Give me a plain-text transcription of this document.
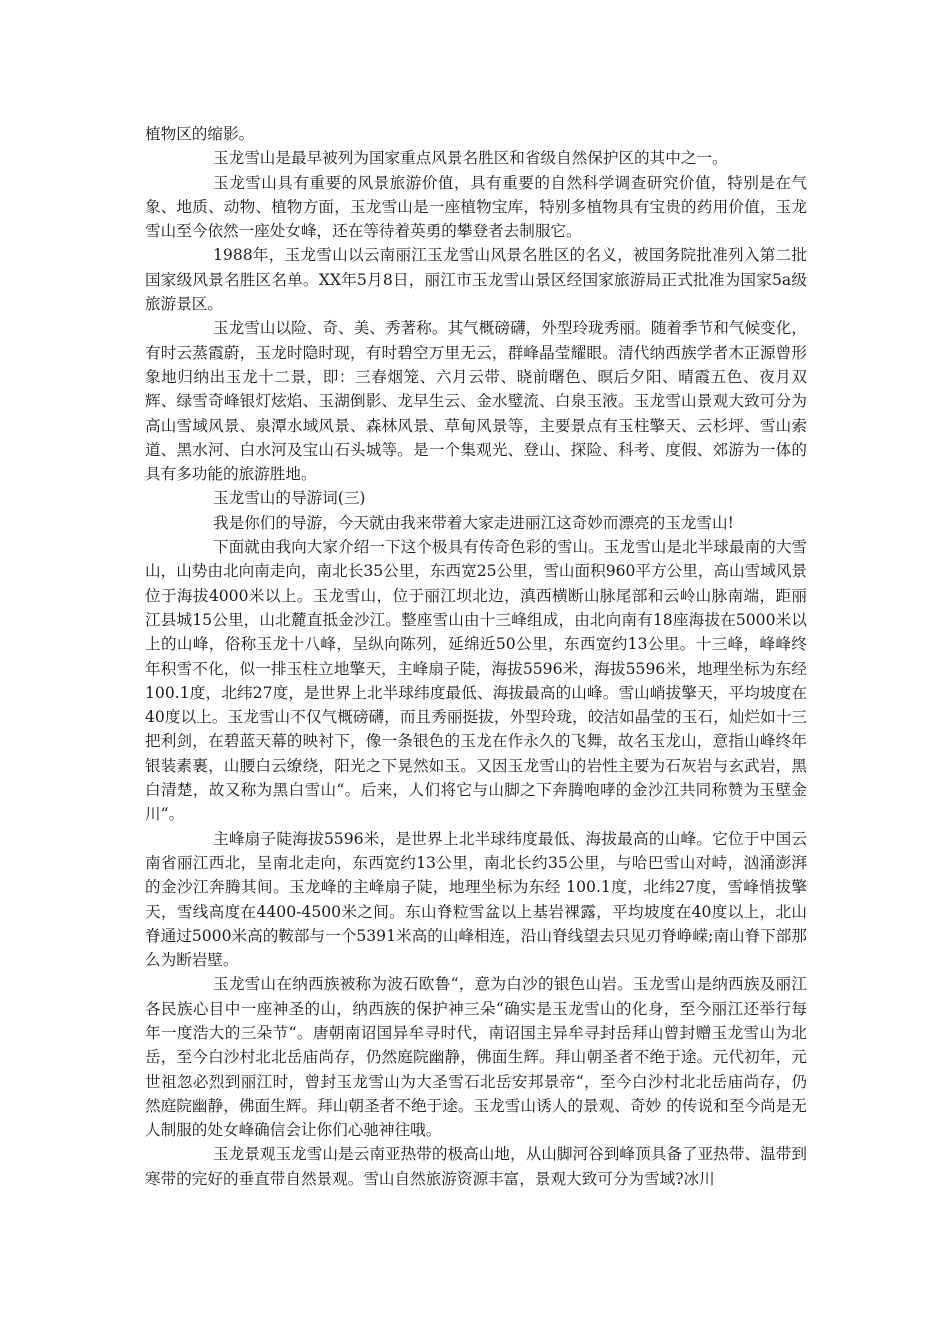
植物区的缩影。

玉龙雪山是最早被列为国家重点风景名胜区和省级自然保护区的其中之一。

玉龙雪山具有重要的风景旅游价值，具有重要的自然科学调查研究价值，特别是在气象、地质、动物、植物方面，玉龙雪山是一座植物宝库，特别多植物具有宝贵的药用价值，玉龙雪山至今依然一座处女峰，还在等待着英勇的攀登者去制服它。

1988年，玉龙雪山以云南丽江玉龙雪山风景名胜区的名义，被国务院批准列入第二批国家级风景名胜区名单。XX年5月8日，丽江市玉龙雪山景区经国家旅游局正式批准为国家5a级旅游景区。

玉龙雪山以险、奇、美、秀著称。其气概磅礴，外型玲珑秀丽。随着季节和气候变化，有时云蒸霞蔚，玉龙时隐时现，有时碧空万里无云，群峰晶莹耀眼。清代纳西族学者木正源曾形象地归纳出玉龙十二景，即：三春烟笼、六月云带、晓前曙色、暝后夕阳、晴霞五色、夜月双辉、绿雪奇峰银灯炫焰、玉湖倒影、龙早生云、金水璧流、白泉玉液。玉龙雪山景观大致可分为高山雪域风景、泉潭水域风景、森林风景、草甸风景等，主要景点有玉柱擎天、云杉坪、雪山索道、黑水河、白水河及宝山石头城等。是一个集观光、登山、探险、科考、度假、郊游为一体的具有多功能的旅游胜地。

玉龙雪山的导游词(三)

我是你们的导游，今天就由我来带着大家走进丽江这奇妙而漂亮的玉龙雪山!

下面就由我向大家介绍一下这个极具有传奇色彩的雪山。玉龙雪山是北半球最南的大雪山，山势由北向南走向，南北长35公里，东西宽25公里，雪山面积960平方公里，高山雪域风景位于海拔4000米以上。玉龙雪山，位于丽江坝北边，滇西横断山脉尾部和云岭山脉南端，距丽江县城15公里，山北麓直抵金沙江。整座雪山由十三峰组成，由北向南有18座海拔在5000米以上的山峰，俗称玉龙十八峰，呈纵向陈列，延绵近50公里，东西宽约13公里。十三峰，峰峰终年积雪不化，似一排玉柱立地擎天，主峰扇子陡，海拔5596米，海拔5596米，地理坐标为东经100.1度，北纬27度，是世界上北半球纬度最低、海拔最高的山峰。雪山峭拔擎天，平均坡度在40度以上。玉龙雪山不仅气概磅礴，而且秀丽挺拔，外型玲珑，皎洁如晶莹的玉石，灿烂如十三把利剑，在碧蓝天幕的映衬下，像一条银色的玉龙在作永久的飞舞，故名玉龙山，意指山峰终年银装素裹，山腰白云缭绕，阳光之下晃然如玉。又因玉龙雪山的岩性主要为石灰岩与玄武岩，黑白清楚，故又称为黑白雪山“。后来，人们将它与山脚之下奔腾咆哮的金沙江共同称赞为玉壁金川“。

主峰扇子陡海拔5596米，是世界上北半球纬度最低、海拔最高的山峰。它位于中国云南省丽江西北，呈南北走向，东西宽约13公里，南北长约35公里，与哈巴雪山对峙，汹涌澎湃的金沙江奔腾其间。玉龙峰的主峰扇子陡，地理坐标为东经 100.1度，北纬27度，雪峰悄拔擎天，雪线高度在4400-4500米之间。东山脊粒雪盆以上基岩裸露，平均坡度在40度以上，北山脊通过5000米高的鞍部与一个5391米高的山峰相连，沿山脊线望去只见刃脊峥嵘;南山脊下部那么为断岩壁。

玉龙雪山在纳西族被称为波石欧鲁“，意为白沙的银色山岩。玉龙雪山是纳西族及丽江各民族心目中一座神圣的山，纳西族的保护神三朵“确实是玉龙雪山的化身，至今丽江还举行每年一度浩大的三朵节“。唐朝南诏国异牟寻时代，南诏国主异牟寻封岳拜山曾封赠玉龙雪山为北岳，至今白沙村北北岳庙尚存，仍然庭院幽静，佛面生辉。拜山朝圣者不绝于途。元代初年，元世祖忽必烈到丽江时，曾封玉龙雪山为大圣雪石北岳安邦景帝“，至今白沙村北北岳庙尚存，仍然庭院幽静，佛面生辉。拜山朝圣者不绝于途。玉龙雪山诱人的景观、奇妙 的传说和至今尚是无人制服的处女峰确信会让你们心驰神往哦。

玉龙景观玉龙雪山是云南亚热带的极高山地，从山脚河谷到峰顶具备了亚热带、温带到寒带的完好的垂直带自然景观。雪山自然旅游资源丰富，景观大致可分为雪域?冰川
